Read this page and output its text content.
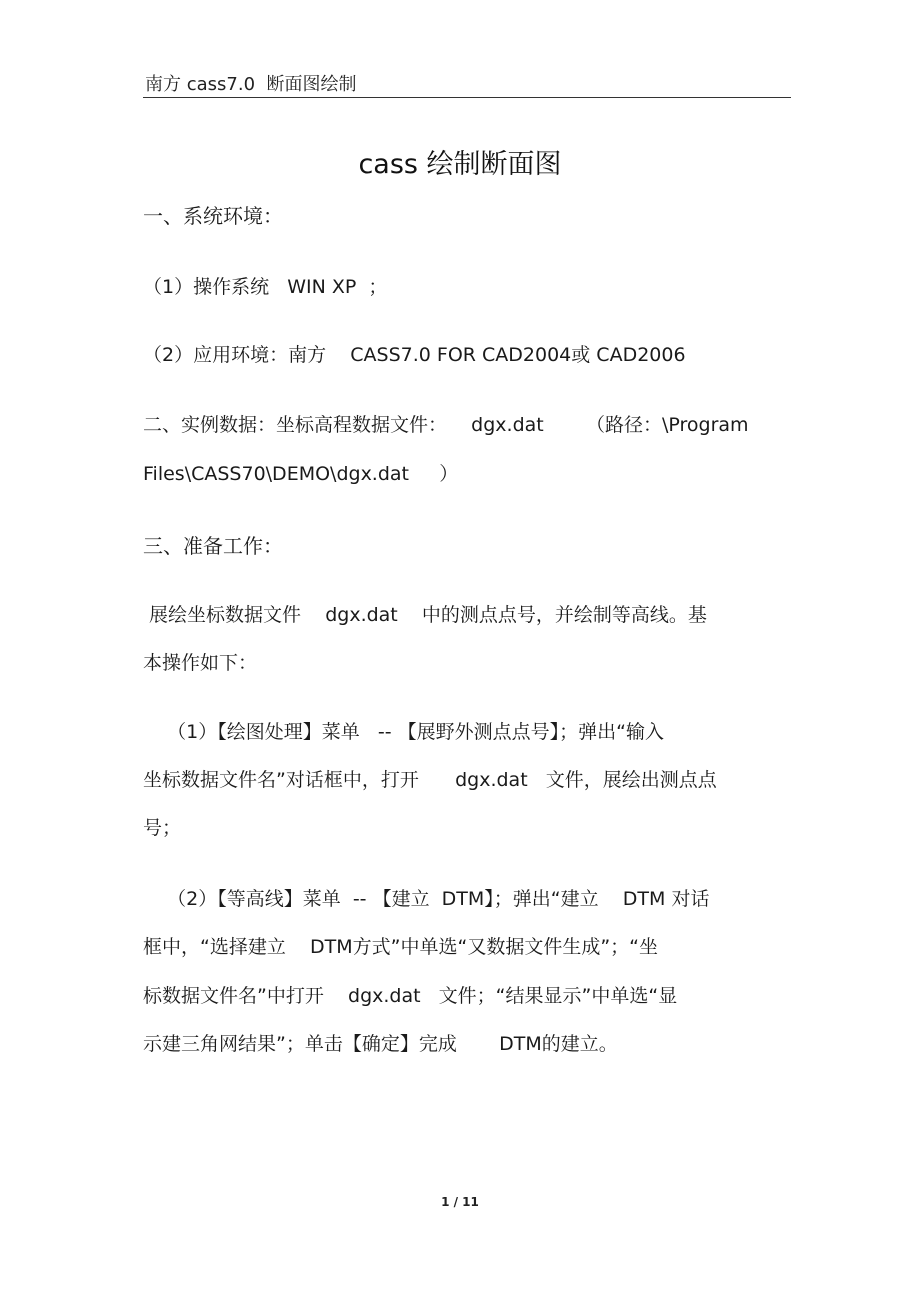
南方 cass7.0  断面图绘制
cass 绘制断面图
一、系统环境：
（1）操作系统   WIN XP  ；
（2）应用环境：南方    CASS7.0 FOR CAD2004或 CAD2006
二、实例数据：坐标高程数据文件：    dgx.dat       （路径：\Program
Files\CASS70\DEMO\dgx.dat     ）
三、准备工作：
展绘坐标数据文件    dgx.dat    中的测点点号，并绘制等高线。基
本操作如下：
（1）【绘图处理】菜单   -- 【展野外测点点号】；弹出“输入
坐标数据文件名”对话框中，打开      dgx.dat   文件，展绘出测点点
号；
（2）【等高线】菜单  -- 【建立  DTM】；弹出“建立    DTM 对话
框中，“选择建立    DTM方式”中单选“又数据文件生成”；“坐
标数据文件名”中打开    dgx.dat   文件；“结果显示”中单选“显
示建三角网结果”；单击【确定】完成       DTM的建立。
1 / 11
